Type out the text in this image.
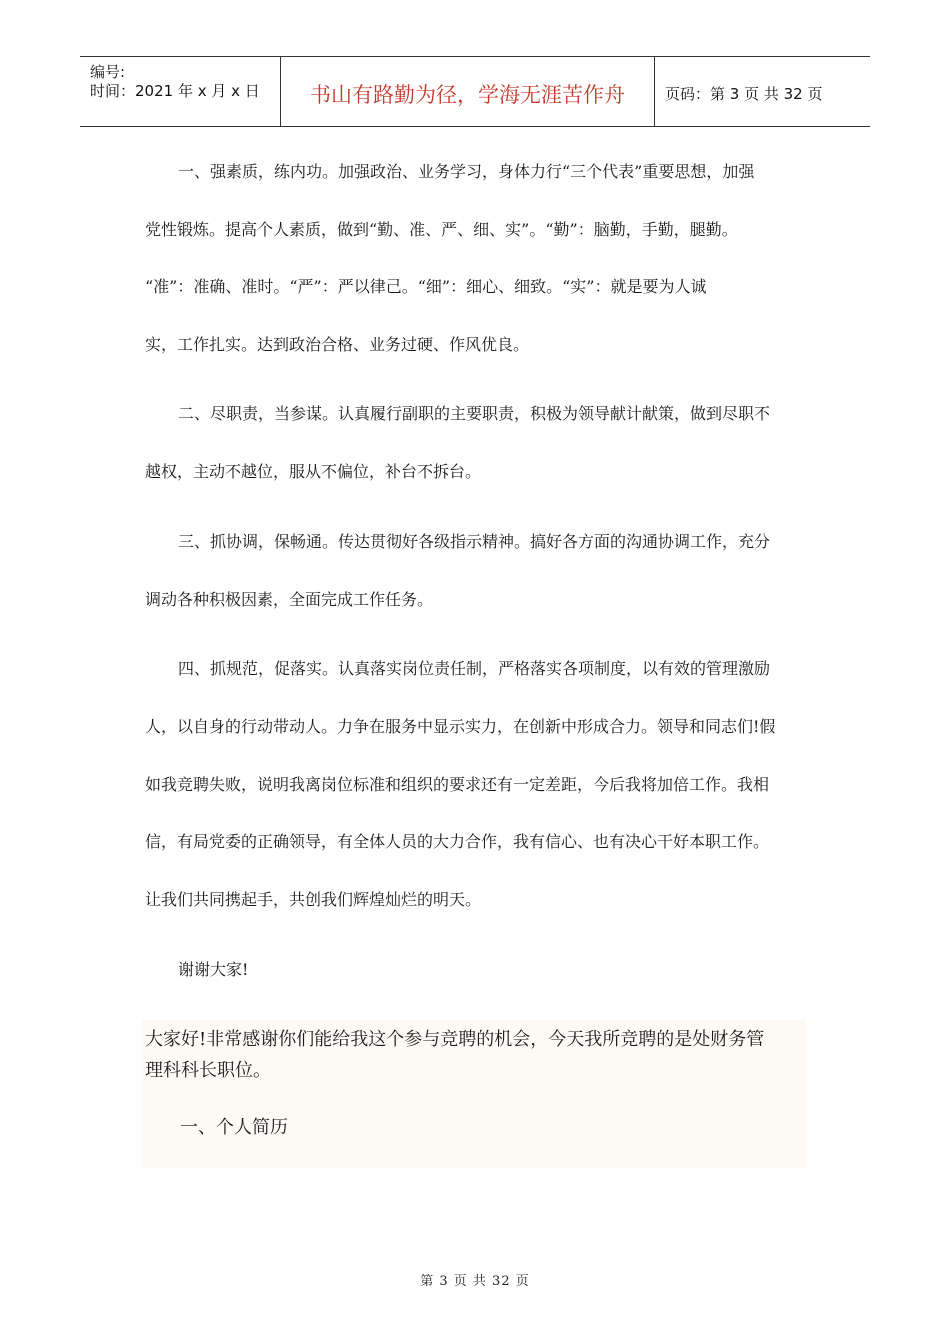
编号:
时间：2021 年 x 月 x 日	书山有路勤为径，学海无涯苦作舟	页码：第 3 页 共 32 页
一、强素质，练内功。加强政治、业务学习，身体力行“三个代表”重要思想，加强
党性锻炼。提高个人素质，做到“勤、准、严、细、实”。“勤”：脑勤，手勤，腿勤。
“准”：准确、准时。“严”：严以律己。“细”：细心、细致。“实”：就是要为人诚
实，工作扎实。达到政治合格、业务过硬、作风优良。
二、尽职责，当参谋。认真履行副职的主要职责，积极为领导献计献策，做到尽职不
越权，主动不越位，服从不偏位，补台不拆台。
三、抓协调，保畅通。传达贯彻好各级指示精神。搞好各方面的沟通协调工作，充分
调动各种积极因素，全面完成工作任务。
四、抓规范，促落实。认真落实岗位责任制，严格落实各项制度，以有效的管理激励
人，以自身的行动带动人。力争在服务中显示实力，在创新中形成合力。领导和同志们!假
如我竞聘失败，说明我离岗位标准和组织的要求还有一定差距，今后我将加倍工作。我相
信，有局党委的正确领导，有全体人员的大力合作，我有信心、也有决心干好本职工作。
让我们共同携起手，共创我们辉煌灿烂的明天。
谢谢大家!
大家好!非常感谢你们能给我这个参与竞聘的机会，今天我所竞聘的是处财务管
理科科长职位。
一、个人简历
第 3 页 共 32 页
